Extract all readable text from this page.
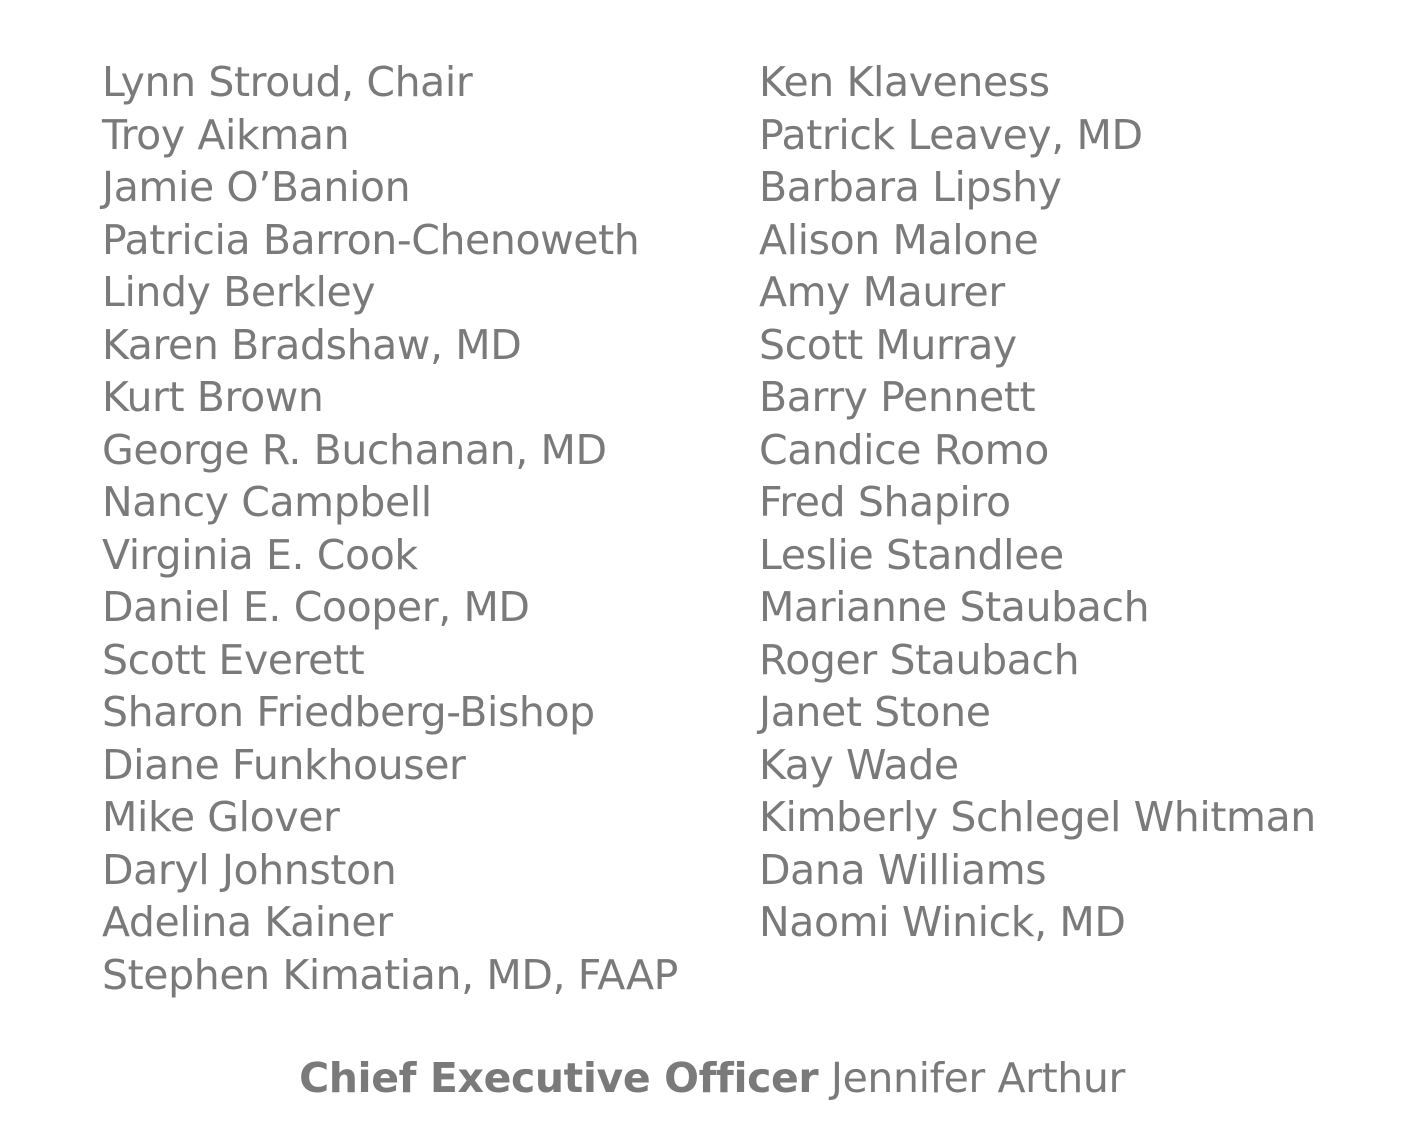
Lynn Stroud, Chair
Troy Aikman
Jamie O’Banion
Patricia Barron-Chenoweth
Lindy Berkley
Karen Bradshaw, MD
Kurt Brown
George R. Buchanan, MD
Nancy Campbell
Virginia E. Cook
Daniel E. Cooper, MD
Scott Everett
Sharon Friedberg-Bishop
Diane Funkhouser
Mike Glover
Daryl Johnston
Adelina Kainer
Stephen Kimatian, MD, FAAP
Ken Klaveness
Patrick Leavey, MD
Barbara Lipshy
Alison Malone
Amy Maurer
Scott Murray
Barry Pennett
Candice Romo
Fred Shapiro
Leslie Standlee
Marianne Staubach
Roger Staubach
Janet Stone
Kay Wade
Kimberly Schlegel Whitman
Dana Williams
Naomi Winick, MD
Chief Executive Officer Jennifer Arthur
